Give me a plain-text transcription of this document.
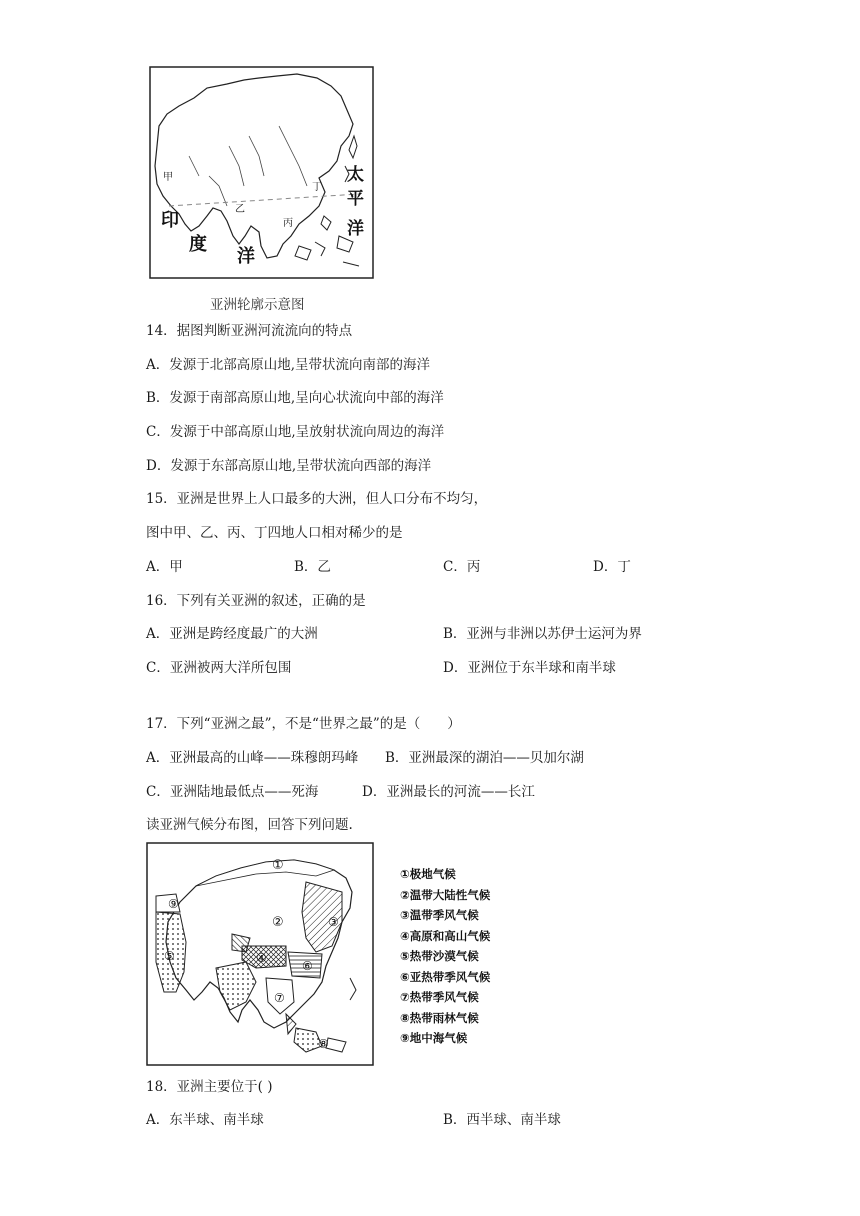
甲
丁
乙
丙
太
平
洋
印
度
洋
亚洲轮廓示意图
14．据图判断亚洲河流流向的特点
A．发源于北部高原山地,呈带状流向南部的海洋
B．发源于南部高原山地,呈向心状流向中部的海洋
C．发源于中部高原山地,呈放射状流向周边的海洋
D．发源于东部高原山地,呈带状流向西部的海洋
15．亚洲是世界上人口最多的大洲，但人口分布不均匀，
图中甲、乙、丙、丁四地人口相对稀少的是
A．甲	B．乙	C．丙	D．丁
16．下列有关亚洲的叙述，正确的是
A．亚洲是跨经度最广的大洲	B．亚洲与非洲以苏伊士运河为界
C．亚洲被两大洋所包围	D．亚洲位于东半球和南半球
17．下列“亚洲之最”，不是“世界之最”的是（　　）
A．亚洲最高的山峰——珠穆朗玛峰 B．亚洲最深的湖泊——贝加尔湖
C．亚洲陆地最低点——死海	D．亚洲最长的河流——长江
读亚洲气候分布图，回答下列问题.
①
②	③
④
⑤
⑥
⑦
⑧
⑨
①极地气候
②温带大陆性气候
③温带季风气候
④高原和高山气候
⑤热带沙漠气候
⑥亚热带季风气候
⑦热带季风气候
⑧热带雨林气候
⑨地中海气候
18．亚洲主要位于( )
A．东半球、南半球	B．西半球、南半球
